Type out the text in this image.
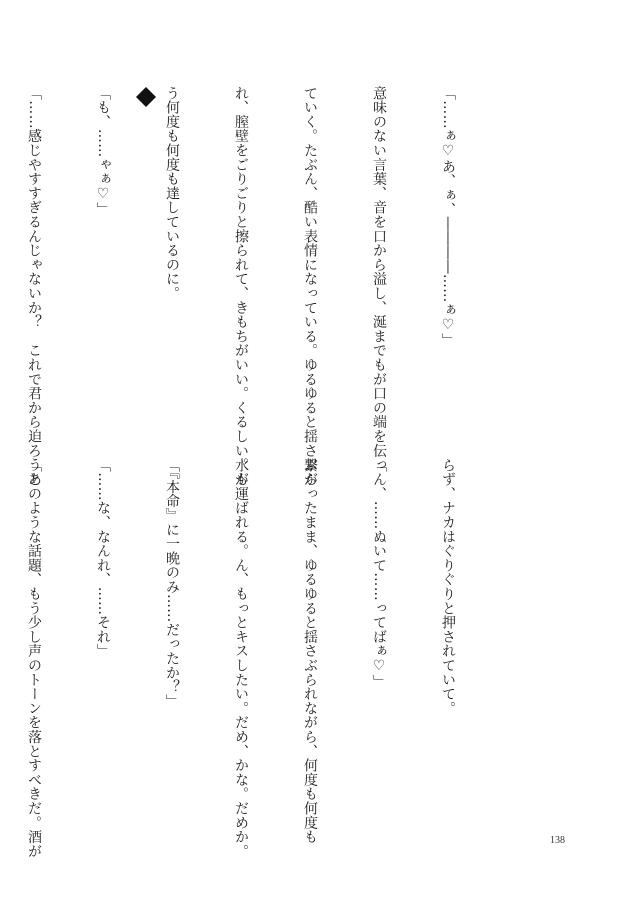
「……ぁ♡あ、ぁ、――――……ぁ♡」

意味のない言葉、音を口から溢し、涎までもが口の端を伝っ

ていく。たぶん、酷い表情になっている。ゆるゆると揺さぶら

れ、膣壁をごりごりと擦られて、きもちがいい。くるしい。も

う何度も何度も達しているのに。

「も、……ゃぁ♡」

「……感じやすすぎるんじゃないか？　これで君から迫ろうと

らず、ナカはぐりぐりと押されていて。

「ん、……ぬいて……ってばぁ♡」

繋がったまま、ゆるゆると揺さぶられながら、何度も何度も

水が運ばれる。ん、もっとキスしたい。だめ、かな。だめか。

「『本命』に一晩のみ……だったか？」

「……な、なんれ、……それ」

「あのような話題、もう少し声のトーンを落とすべきだ。酒が

	138
